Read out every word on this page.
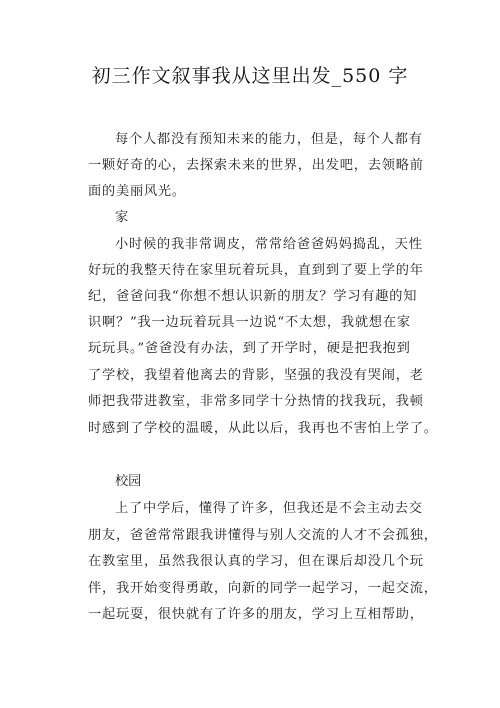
初三作文叙事我从这里出发_550 字
每个人都没有预知未来的能力，但是，每个人都有
一颗好奇的心，去探索未来的世界，出发吧，去领略前
面的美丽风光。
家
小时候的我非常调皮，常常给爸爸妈妈捣乱，天性
好玩的我整天待在家里玩着玩具，直到到了要上学的年
纪，爸爸问我“你想不想认识新的朋友？学习有趣的知
识啊？”我一边玩着玩具一边说“不太想，我就想在家
玩玩具。”爸爸没有办法，到了开学时，硬是把我抱到
了学校，我望着他离去的背影，坚强的我没有哭闹，老
师把我带进教室，非常多同学十分热情的找我玩，我顿
时感到了学校的温暖，从此以后，我再也不害怕上学了。
校园
上了中学后，懂得了许多，但我还是不会主动去交
朋友，爸爸常常跟我讲懂得与别人交流的人才不会孤独，
在教室里，虽然我很认真的学习，但在课后却没几个玩
伴，我开始变得勇敢，向新的同学一起学习，一起交流，
一起玩耍，很快就有了许多的朋友，学习上互相帮助，
